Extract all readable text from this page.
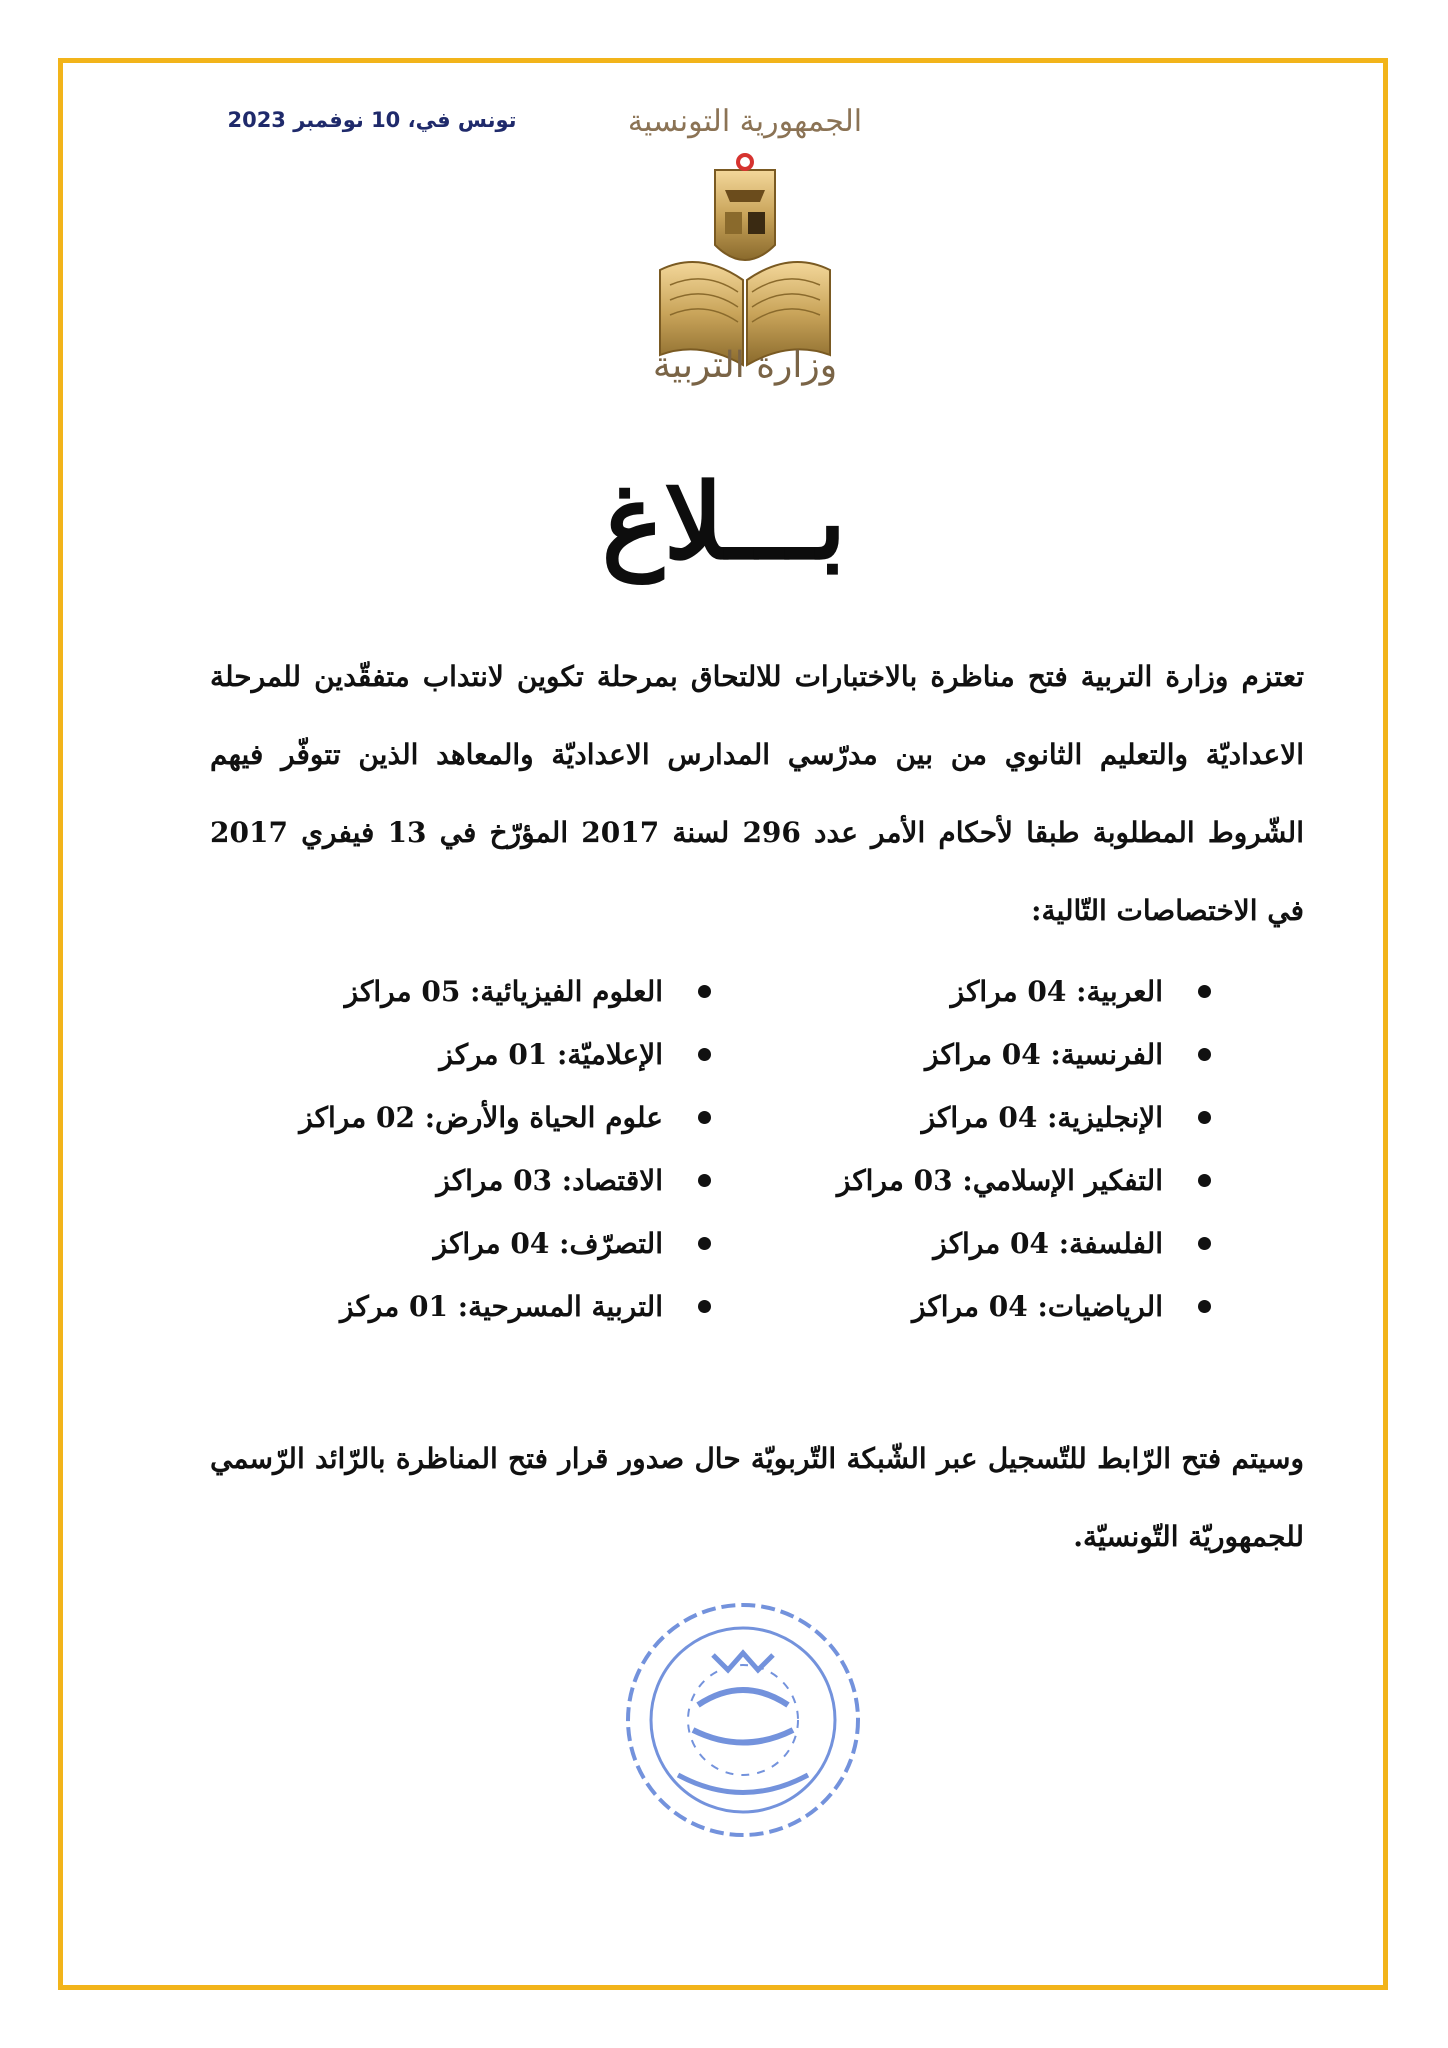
تونس في، 10 نوفمبر 2023	الجمهورية التونسية
وزارة التربية
بـــلاغ
تعتزم وزارة التربية فتح مناظرة بالاختبارات للالتحاق بمرحلة تكوين لانتداب متفقّدين للمرحلة الاعداديّة والتعليم الثانوي من بين مدرّسي المدارس الاعداديّة والمعاهد الذين تتوفّر فيهم الشّروط المطلوبة طبقا لأحكام الأمر عدد 296 لسنة 2017 المؤرّخ في 13 فيفري 2017 في الاختصاصات التّالية:
العربية: 04 مراكز
الفرنسية: 04 مراكز
الإنجليزية: 04 مراكز
التفكير الإسلامي: 03 مراكز
الفلسفة: 04 مراكز
الرياضيات: 04 مراكز
العلوم الفيزيائية: 05 مراكز
الإعلاميّة: 01 مركز
علوم الحياة والأرض: 02 مراكز
الاقتصاد: 03 مراكز
التصرّف: 04 مراكز
التربية المسرحية: 01 مركز
وسيتم فتح الرّابط للتّسجيل عبر الشّبكة التّربويّة حال صدور قرار فتح المناظرة بالرّائد الرّسمي للجمهوريّة التّونسيّة.
